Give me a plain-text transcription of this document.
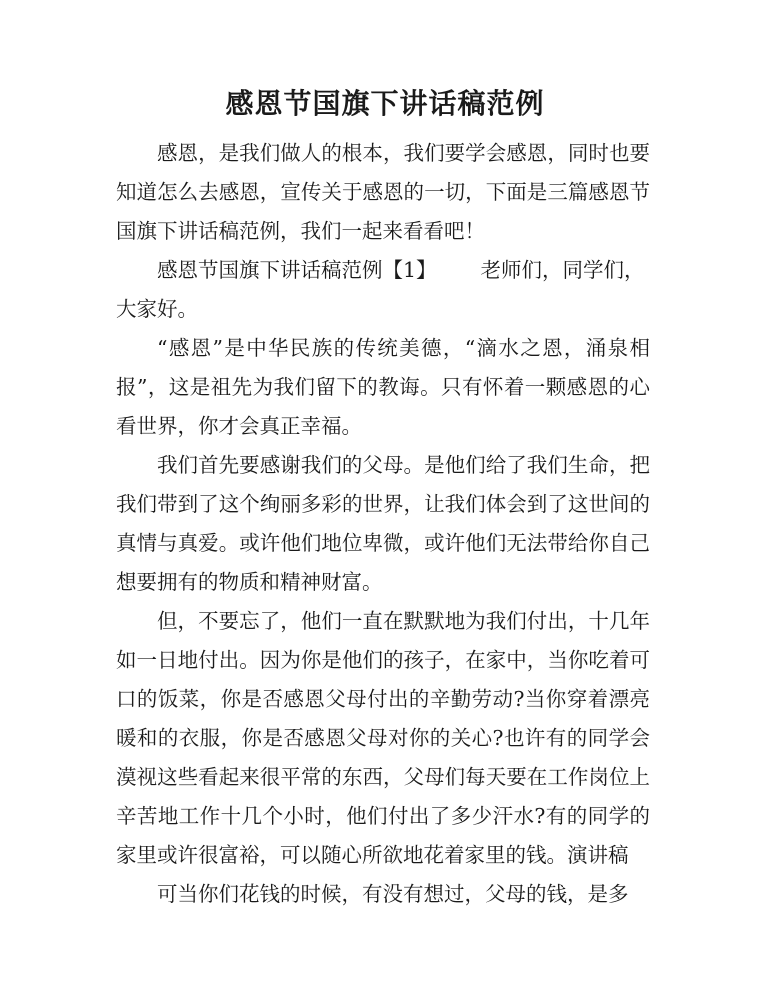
感恩节国旗下讲话稿范例

感恩，是我们做人的根本，我们要学会感恩，同时也要知道怎么去感恩，宣传关于感恩的一切，下面是三篇感恩节国旗下讲话稿范例，我们一起来看看吧！

感恩节国旗下讲话稿范例【1】 老师们，同学们，大家好。

“感恩”是中华民族的传统美德，“滴水之恩，涌泉相报”，这是祖先为我们留下的教诲。只有怀着一颗感恩的心看世界，你才会真正幸福。

我们首先要感谢我们的父母。是他们给了我们生命，把我们带到了这个绚丽多彩的世界，让我们体会到了这世间的真情与真爱。或许他们地位卑微，或许他们无法带给你自己想要拥有的物质和精神财富。

但，不要忘了，他们一直在默默地为我们付出，十几年如一日地付出。因为你是他们的孩子，在家中，当你吃着可口的饭菜，你是否感恩父母付出的辛勤劳动?当你穿着漂亮暖和的衣服，你是否感恩父母对你的关心?也许有的同学会漠视这些看起来很平常的东西，父母们每天要在工作岗位上辛苦地工作十几个小时，他们付出了多少汗水?有的同学的家里或许很富裕，可以随心所欲地花着家里的钱。演讲稿

可当你们花钱的时候，有没有想过，父母的钱，是多
